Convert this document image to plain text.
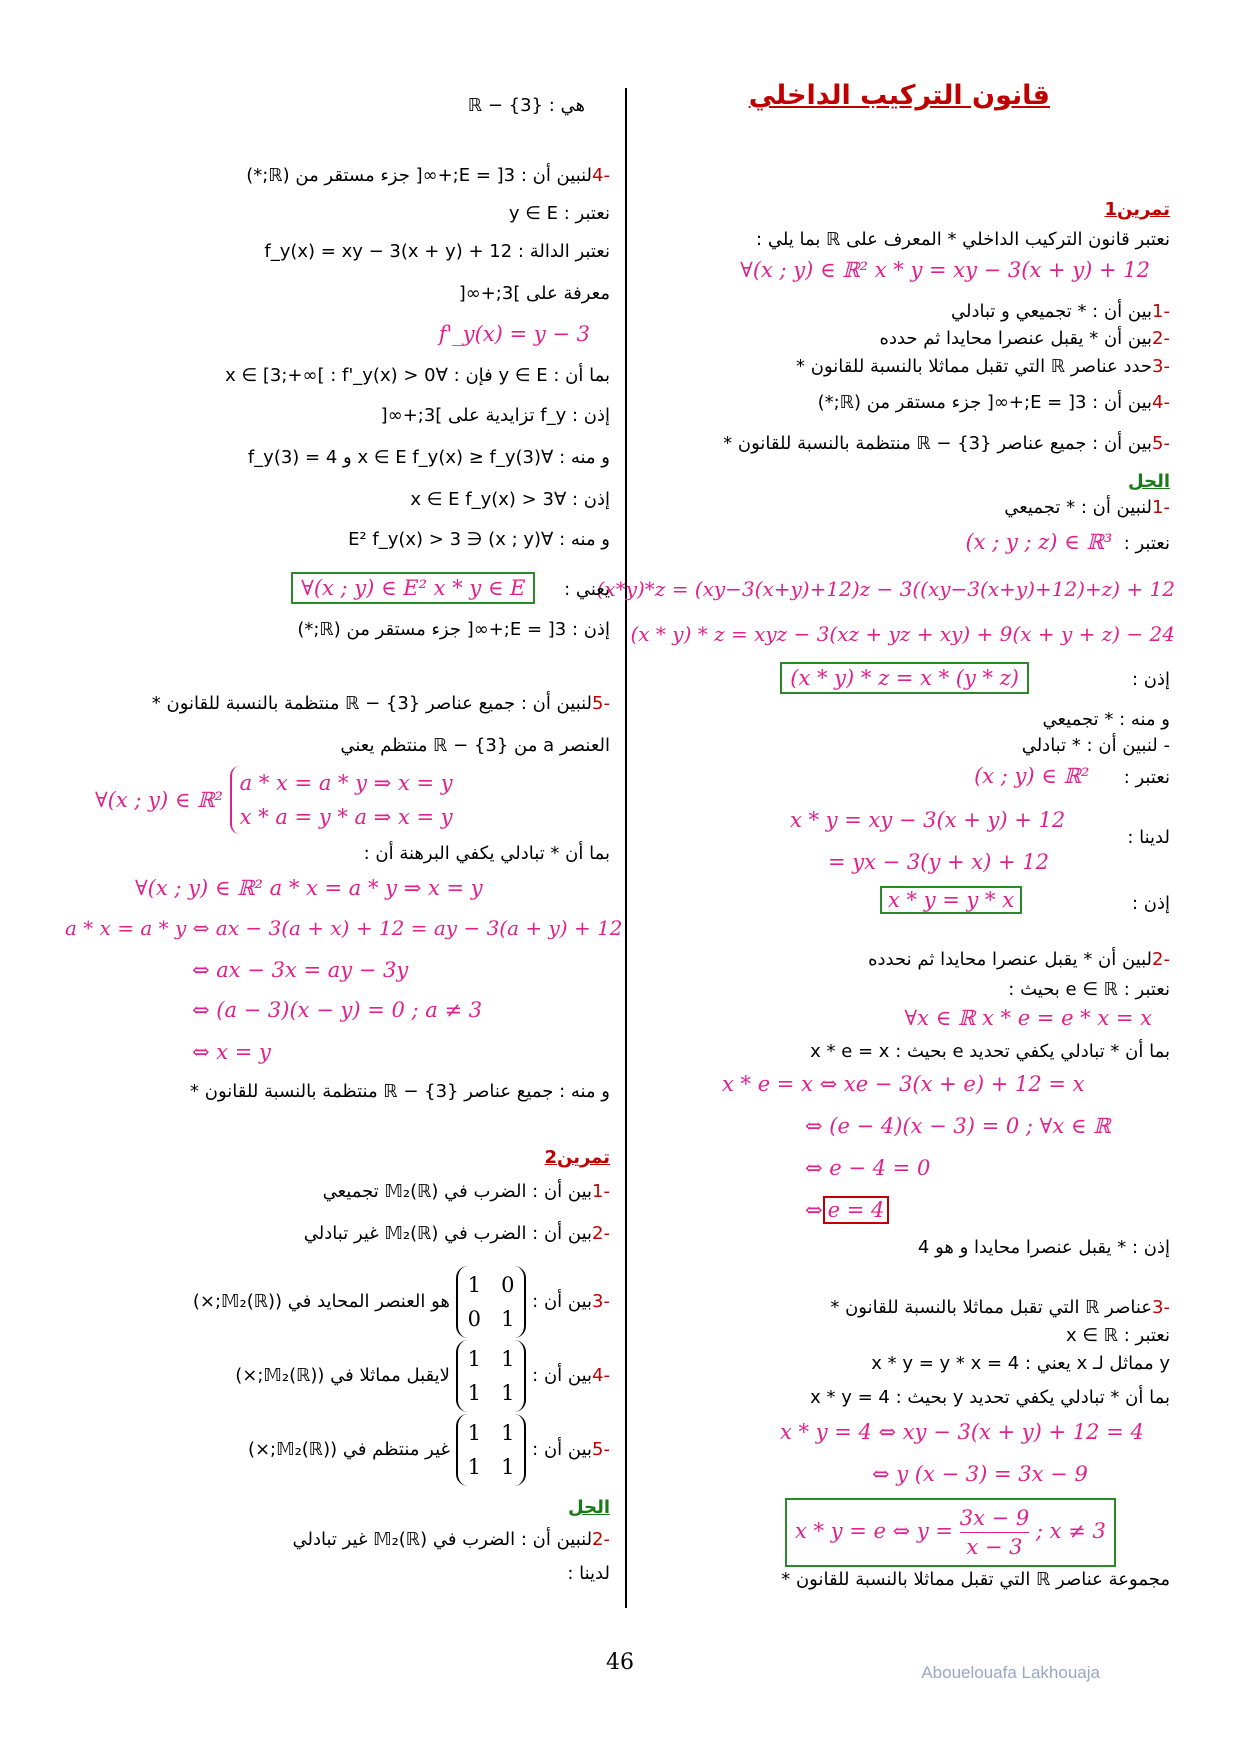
قانون التركيب الداخلي
تمرين1
نعتبر قانون التركيب الداخلي * المعرف على ℝ بما يلي :
∀(x ; y) ∈ ℝ² x * y = xy − 3(x + y) + 12
-1بين أن : * تجميعي و تبادلي
-2بين أن * يقبل عنصرا محايدا ثم حدده
-3حدد عناصر ℝ التي تقبل مماثلا بالنسبة للقانون *
-4بين أن : E = ]3;+∞[ جزء مستقر من (ℝ;*)
-5بين أن : جميع عناصر ℝ − {3} منتظمة بالنسبة للقانون *
الحل
-1لنبين أن : * تجميعي
نعتبر :  (x ; y ; z) ∈ ℝ³
(x*y)*z = (xy−3(x+y)+12)z − 3((xy−3(x+y)+12)+z) + 12
(x * y) * z = xyz − 3(xz + yz + xy) + 9(x + y + z) − 24
إذن :                  (x * y) * z = x * (y * z)
و منه : * تجميعي
- لنبين أن : * تبادلي
نعتبر :      (x ; y) ∈ ℝ²
لدينا :
x * y = xy − 3(x + y) + 12
= yx − 3(y + x) + 12
إذن :
x * y = y * x
-2لبين أن * يقبل عنصرا محايدا ثم نحدده
نعتبر : e ∈ ℝ بحيث :
∀x ∈ ℝ x * e = e * x = x
بما أن * تبادلي يكفي تحديد e بحيث : x * e = x
x * e = x ⇔ xe − 3(x + e) + 12 = x
⇔ (e − 4)(x − 3) = 0 ; ∀x ∈ ℝ
⇔ e − 4 = 0
⇔ e = 4
إذن : * يقبل عنصرا محايدا و هو 4
-3عناصر ℝ التي تقبل مماثلا بالنسبة للقانون *
نعتبر : x ∈ ℝ
y مماثل لـ x يعني : x * y = y * x = 4
بما أن * تبادلي يكفي تحديد y بحيث : x * y = 4
x * y = 4 ⇔ xy − 3(x + y) + 12 = 4
⇔ y (x − 3) = 3x − 9
x * y = e ⇔ $y = \frac{3x - 9}{x - 3}$ ; x ≠ 3
مجموعة عناصر ℝ التي تقبل مماثلا بالنسبة للقانون *
هي : ℝ − {3}
-4لنبين أن : E = ]3;+∞[ جزء مستقر من (ℝ;*)
نعتبر : y ∈ E
نعتبر الدالة : f_y(x) = xy − 3(x + y) + 12
معرفة على ]3;+∞[
f'_y(x) = y − 3
بما أن : y ∈ E فإن : ∀x ∈ [3;+∞[ : f'_y(x) > 0
إذن : f_y تزايدية على ]3;+∞[
و منه : ∀x ∈ E f_y(x) ≥ f_y(3) و f_y(3) = 4
إذن : ∀x ∈ E f_y(x) > 3
و منه : ∀(x ; y) ∈ E² f_y(x) > 3
يعني :     ∀(x ; y) ∈ E² x * y ∈ E
إذن : E = ]3;+∞[ جزء مستقر من (ℝ;*)
-5لنبين أن : جميع عناصر ℝ − {3} منتظمة بالنسبة للقانون *
العنصر a من ℝ − {3} منتظم يعني
∀(x ; y) ∈ ℝ²
a * x = a * y ⇒ x = y
x * a = y * a ⇒ x = y
بما أن * تبادلي يكفي البرهنة أن :
∀(x ; y) ∈ ℝ² a * x = a * y ⇒ x = y
a * x = a * y ⇔ ax − 3(a + x) + 12 = ay − 3(a + y) + 12
⇔ ax − 3x = ay − 3y
⇔ (a − 3)(x − y) = 0 ; a ≠ 3
⇔ x = y
و منه : جميع عناصر ℝ − {3} منتظمة بالنسبة للقانون *
تمرين2
-1بين أن : الضرب في 𝕄₂(ℝ) تجميعي
-2بين أن : الضرب في 𝕄₂(ℝ) غير تبادلي
-3بين أن : 1 0
0 1 هو العنصر المحايد في (𝕄₂(ℝ);×)
-4بين أن : 1 1
1 1 لايقبل مماثلا في (𝕄₂(ℝ);×)
-5بين أن : 1 1
1 1 غير منتظم في (𝕄₂(ℝ);×)
الحل
-2لنبين أن : الضرب في 𝕄₂(ℝ) غير تبادلي
لدينا :
46	Abouelouafa Lakhouaja
